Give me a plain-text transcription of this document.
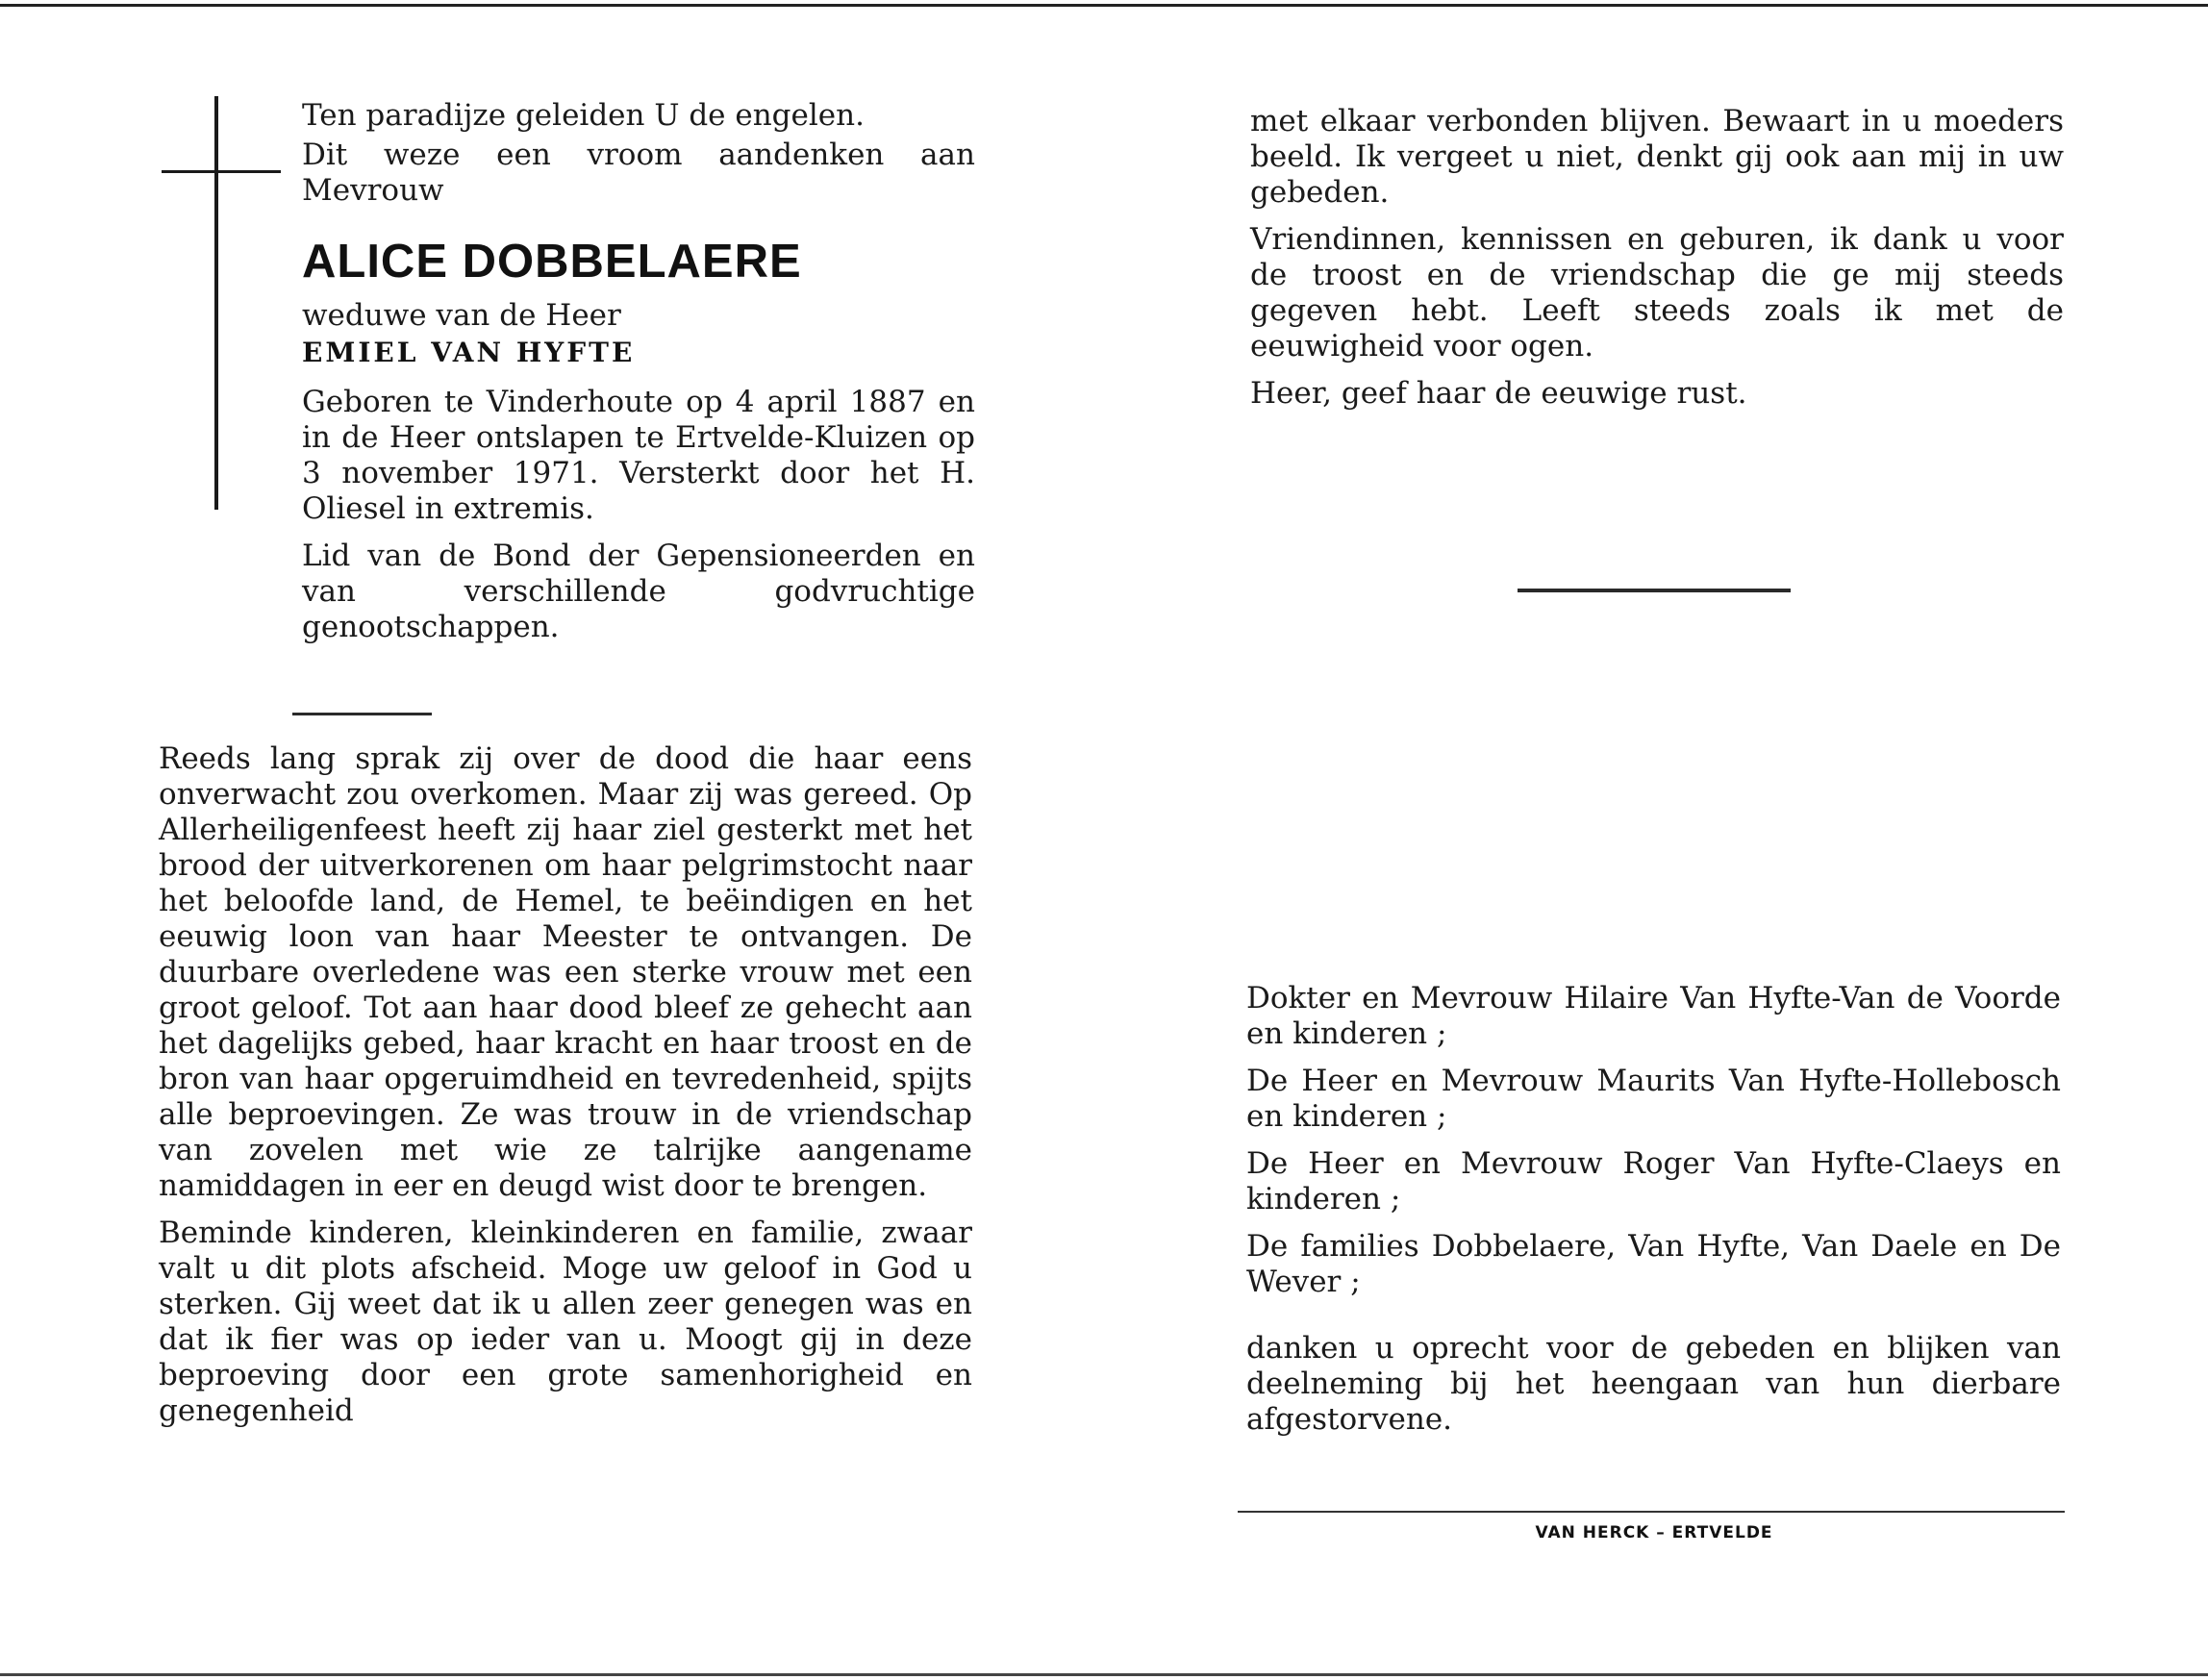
Ten paradijze geleiden U de engelen.

Dit weze een vroom aandenken aan Mevrouw

ALICE DOBBELAERE

weduwe van de Heer

EMIEL VAN HYFTE

Geboren te Vinderhoute op 4 april 1887 en in de Heer ontslapen te Ertvelde-Kluizen op 3 november 1971. Versterkt door het H. Oliesel in extremis.

Lid van de Bond der Gepensioneerden en van verschillende godvruchtige genootschappen.

Reeds lang sprak zij over de dood die haar eens onverwacht zou overkomen. Maar zij was gereed. Op Allerheiligenfeest heeft zij haar ziel gesterkt met het brood der uitverkorenen om haar pelgrimstocht naar het beloofde land, de Hemel, te beëindigen en het eeuwig loon van haar Meester te ontvangen. De duurbare overledene was een sterke vrouw met een groot geloof. Tot aan haar dood bleef ze gehecht aan het dagelijks gebed, haar kracht en haar troost en de bron van haar opgeruimdheid en tevredenheid, spijts alle beproevingen. Ze was trouw in de vriendschap van zovelen met wie ze talrijke aangename namiddagen in eer en deugd wist door te brengen.

Beminde kinderen, kleinkinderen en familie, zwaar valt u dit plots afscheid. Moge uw geloof in God u sterken. Gij weet dat ik u allen zeer genegen was en dat ik fier was op ieder van u. Moogt gij in deze beproeving door een grote samenhorigheid en genegenheid

met elkaar verbonden blijven. Bewaart in u moeders beeld. Ik vergeet u niet, denkt gij ook aan mij in uw gebeden.

Vriendinnen, kennissen en geburen, ik dank u voor de troost en de vriendschap die ge mij steeds gegeven hebt. Leeft steeds zoals ik met de eeuwigheid voor ogen.

Heer, geef haar de eeuwige rust.

Dokter en Mevrouw Hilaire Van Hyfte-Van de Voorde en kinderen ;

De Heer en Mevrouw Maurits Van Hyfte-Hollebosch en kinderen ;

De Heer en Mevrouw Roger Van Hyfte-Claeys en kinderen ;

De families Dobbelaere, Van Hyfte, Van Daele en De Wever ;

danken u oprecht voor de gebeden en blijken van deelneming bij het heengaan van hun dierbare afgestorvene.

VAN HERCK – ERTVELDE
